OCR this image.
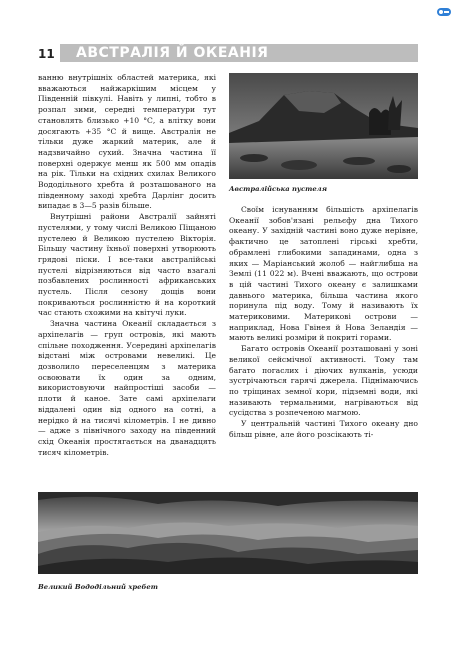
11 АВСТРАЛІЯ Й ОКЕАНІЯ

ванню внутрішніх областей материка, які вважаються найжаркішим місцем у Південній півкулі. Навіть у липні, тобто в розпал зими, середні температури тут становлять близько +10 °С, а влітку вони досягають +35 °С й вище. Австралія не тільки дуже жаркий материк, але й надзвичайно сухий. Значна частина її поверхні одержує менш як 500 мм опадів на рік. Тільки на східних схилах Великого Вододільного хребта й розташованого на південному заході хребта Дарлінг досить випадає в 3—5 разів більше.

Внутрішні райони Австралії зайняті пустелями, у тому числі Великою Піщаною пустелею й Великою пустелею Вікторія. Більшу частину їхньої поверхні утворюють грядові піски. І все-таки австралійські пустелі відрізняються від часто взагалі позбавлених рослинності африканських пустель. Після сезону дощів вони покриваються рослинністю й на короткий час стають схожими на квітучі луки.

Значна частина Океанії складається з архіпелагів — груп островів, які мають спільне походження. Усередині архіпелагів відстані між островами невеликі. Це дозволило переселенцям з материка освоювати їх один за одним, використовуючи найпростіші засоби — плоти й каное. Зате самі архіпелаги віддалені один від одного на сотні, а нерідко й на тисячі кілометрів. І не дивно — адже з північного заходу на південний схід Океанія простягається на дванадцять тисяч кілометрів.

Австралійська пустеля

Своїм існуванням більшість архіпелагів Океанії зобов'язані рельєфу дна Тихого океану. У західній частині воно дуже нерівне, фактично це затоплені гірські хребти, обрамлені глибокими западинами, одна з яких — Маріанський жолоб — найглибша на Землі (11 022 м). Вчені вважають, що острови в цій частині Тихого океану є залишками давнього материка, більша частина якого поринула під воду. Тому й називають їх материковими. Материкові острови — наприклад, Нова Гвінея й Нова Зеландія — мають великі розміри й покриті горами.

Багато островів Океанії розташовані у зоні великої сейсмічної активності. Тому там багато погаслих і діючих вулканів, усюди зустрічаються гарячі джерела. Піднімаючись по тріщинах земної кори, підземні води, які називають термальними, нагріваються від сусідства з розпеченою магмою.

У центральній частині Тихого океану дно більш рівне, але його розсікають ті-

Великий Вододільний хребет
